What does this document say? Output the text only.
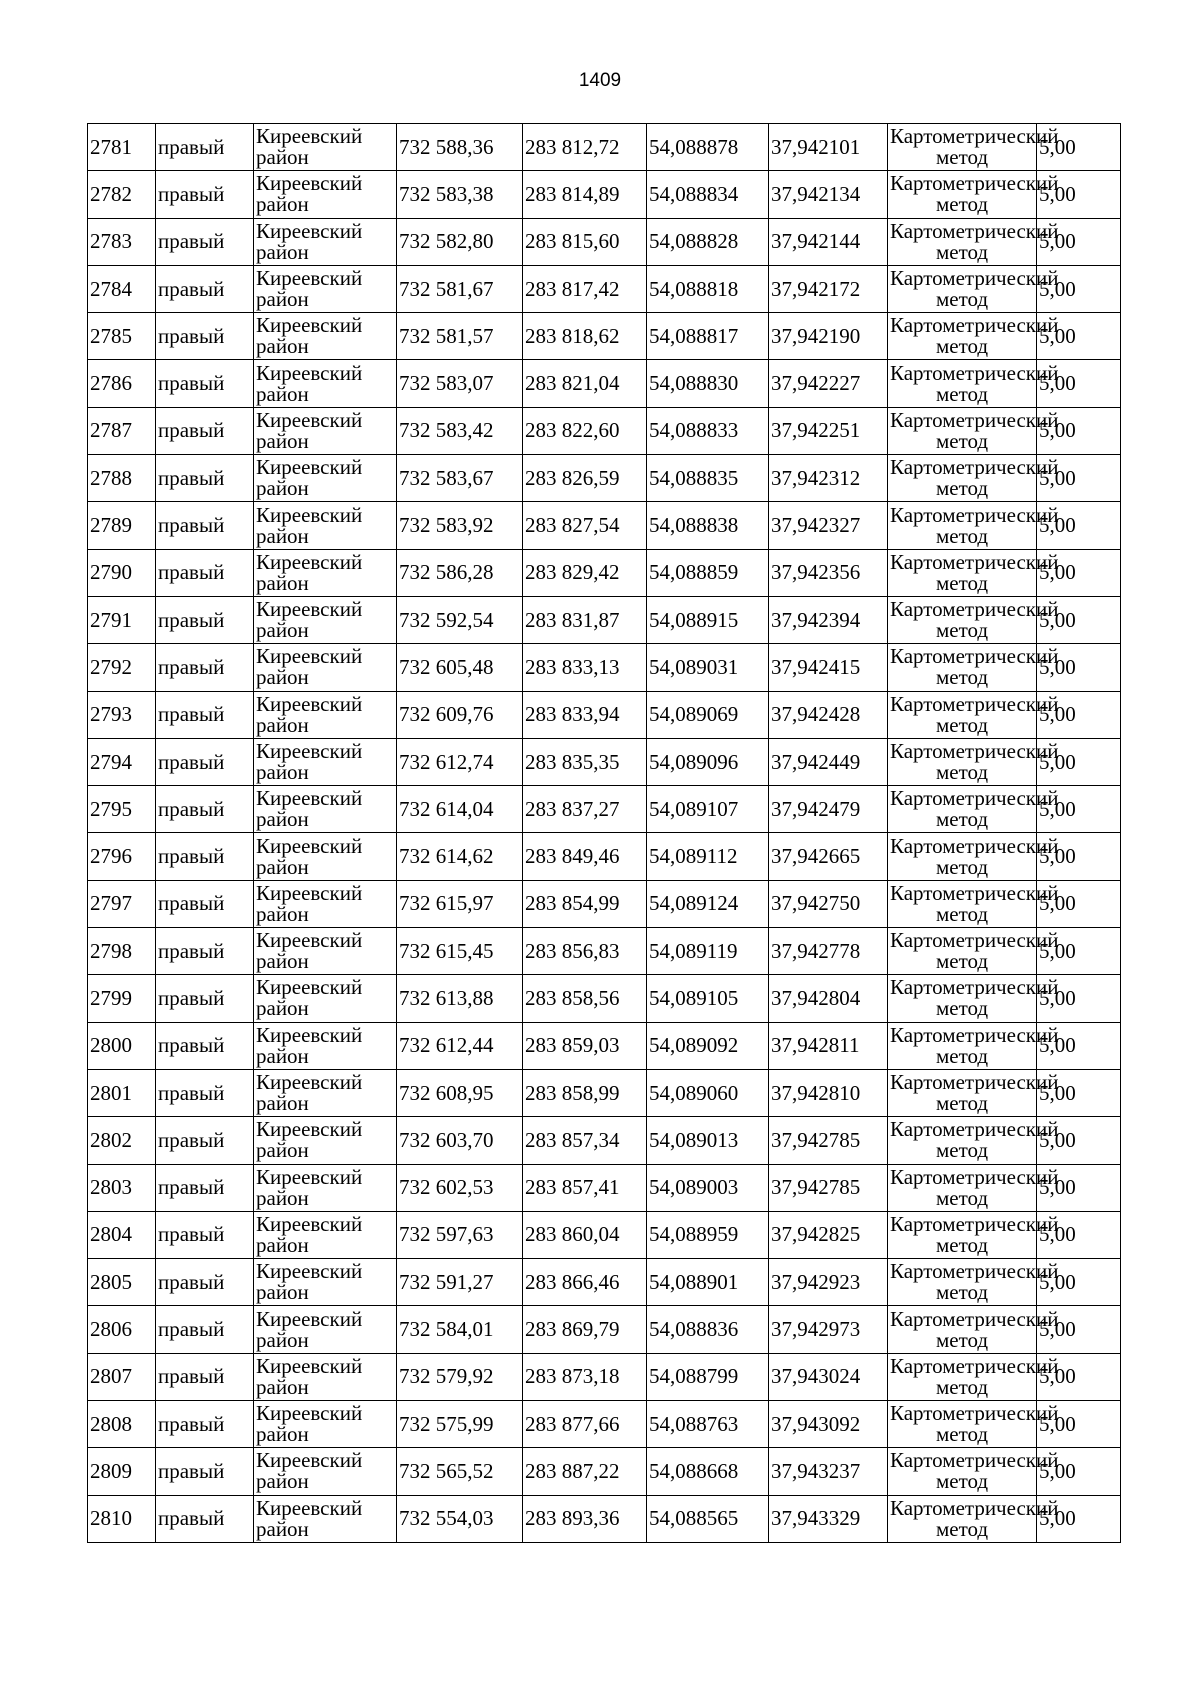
1409
2781	правый	Киреевский район	732 588,36	283 812,72	54,088878	37,942101	Картометрический метод	5,00
2782	правый	Киреевский район	732 583,38	283 814,89	54,088834	37,942134	Картометрический метод	5,00
2783	правый	Киреевский район	732 582,80	283 815,60	54,088828	37,942144	Картометрический метод	5,00
2784	правый	Киреевский район	732 581,67	283 817,42	54,088818	37,942172	Картометрический метод	5,00
2785	правый	Киреевский район	732 581,57	283 818,62	54,088817	37,942190	Картометрический метод	5,00
2786	правый	Киреевский район	732 583,07	283 821,04	54,088830	37,942227	Картометрический метод	5,00
2787	правый	Киреевский район	732 583,42	283 822,60	54,088833	37,942251	Картометрический метод	5,00
2788	правый	Киреевский район	732 583,67	283 826,59	54,088835	37,942312	Картометрический метод	5,00
2789	правый	Киреевский район	732 583,92	283 827,54	54,088838	37,942327	Картометрический метод	5,00
2790	правый	Киреевский район	732 586,28	283 829,42	54,088859	37,942356	Картометрический метод	5,00
2791	правый	Киреевский район	732 592,54	283 831,87	54,088915	37,942394	Картометрический метод	5,00
2792	правый	Киреевский район	732 605,48	283 833,13	54,089031	37,942415	Картометрический метод	5,00
2793	правый	Киреевский район	732 609,76	283 833,94	54,089069	37,942428	Картометрический метод	5,00
2794	правый	Киреевский район	732 612,74	283 835,35	54,089096	37,942449	Картометрический метод	5,00
2795	правый	Киреевский район	732 614,04	283 837,27	54,089107	37,942479	Картометрический метод	5,00
2796	правый	Киреевский район	732 614,62	283 849,46	54,089112	37,942665	Картометрический метод	5,00
2797	правый	Киреевский район	732 615,97	283 854,99	54,089124	37,942750	Картометрический метод	5,00
2798	правый	Киреевский район	732 615,45	283 856,83	54,089119	37,942778	Картометрический метод	5,00
2799	правый	Киреевский район	732 613,88	283 858,56	54,089105	37,942804	Картометрический метод	5,00
2800	правый	Киреевский район	732 612,44	283 859,03	54,089092	37,942811	Картометрический метод	5,00
2801	правый	Киреевский район	732 608,95	283 858,99	54,089060	37,942810	Картометрический метод	5,00
2802	правый	Киреевский район	732 603,70	283 857,34	54,089013	37,942785	Картометрический метод	5,00
2803	правый	Киреевский район	732 602,53	283 857,41	54,089003	37,942785	Картометрический метод	5,00
2804	правый	Киреевский район	732 597,63	283 860,04	54,088959	37,942825	Картометрический метод	5,00
2805	правый	Киреевский район	732 591,27	283 866,46	54,088901	37,942923	Картометрический метод	5,00
2806	правый	Киреевский район	732 584,01	283 869,79	54,088836	37,942973	Картометрический метод	5,00
2807	правый	Киреевский район	732 579,92	283 873,18	54,088799	37,943024	Картометрический метод	5,00
2808	правый	Киреевский район	732 575,99	283 877,66	54,088763	37,943092	Картометрический метод	5,00
2809	правый	Киреевский район	732 565,52	283 887,22	54,088668	37,943237	Картометрический метод	5,00
2810	правый	Киреевский район	732 554,03	283 893,36	54,088565	37,943329	Картометрический метод	5,00
